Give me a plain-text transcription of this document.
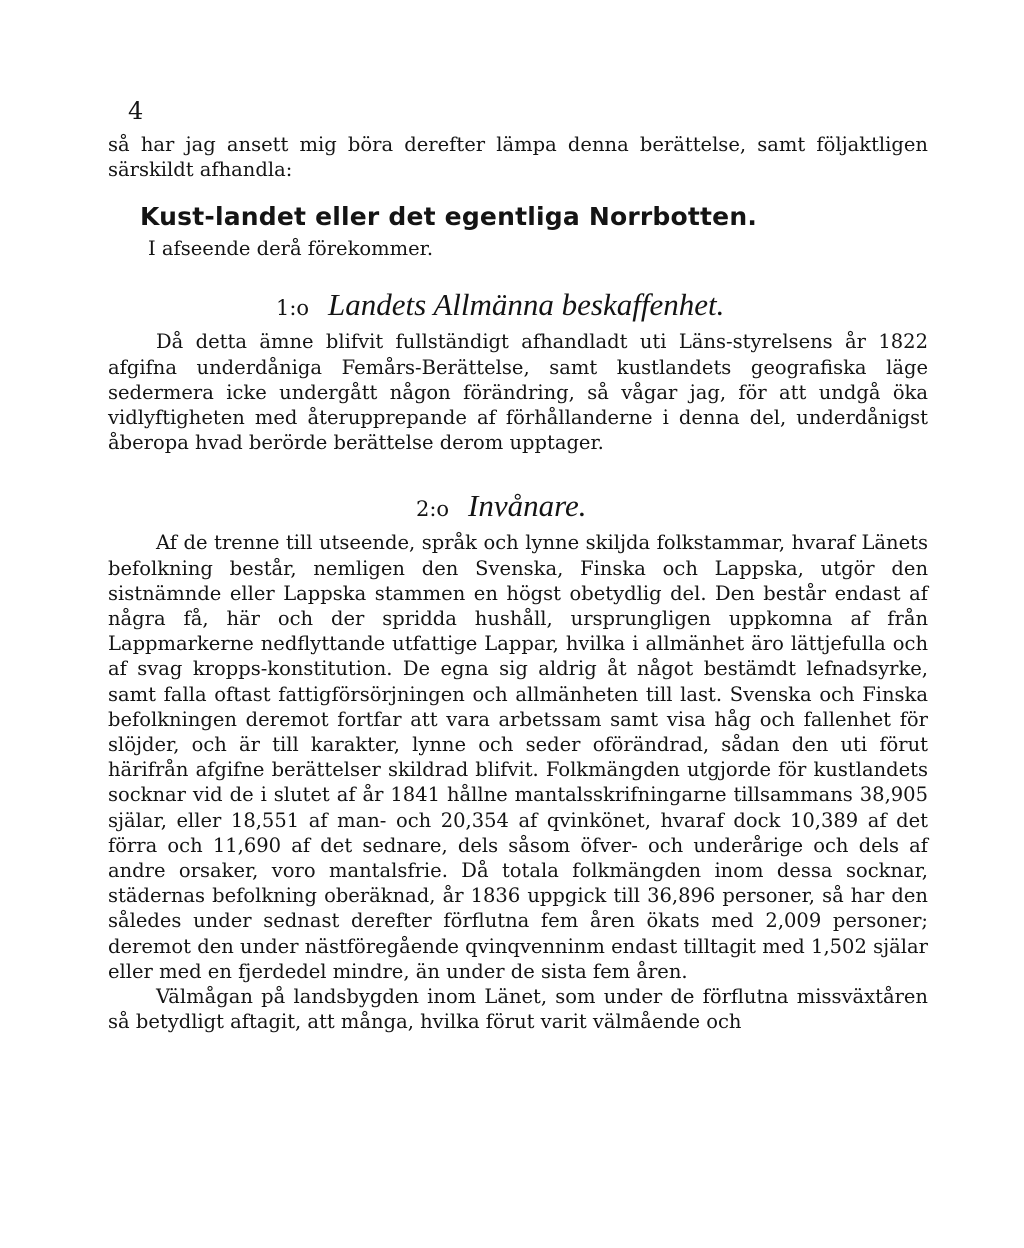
4

så har jag ansett mig böra derefter lämpa denna berättelse, samt följaktligen särskildt afhandla:

Kust-landet eller det egentliga Norrbotten.
I afseende derå förekommer.
1:o Landets Allmänna beskaffenhet.

Då detta ämne blifvit fullständigt afhandladt uti Läns-styrelsens år 1822 afgifna underdåniga Femårs-Berättelse, samt kustlandets geografiska läge sedermera icke undergått någon förändring, så vågar jag, för att undgå öka vidlyftigheten med återupprepande af förhållanderne i denna del, underdånigst åberopa hvad berörde berättelse derom upptager.

2:o Invånare.

Af de trenne till utseende, språk och lynne skiljda folkstammar, hvaraf Länets befolkning består, nemligen den Svenska, Finska och Lappska, utgör den sistnämnde eller Lappska stammen en högst obetydlig del. Den består endast af några få, här och der spridda hushåll, ursprungligen uppkomna af från Lappmarkerne nedflyttande utfattige Lappar, hvilka i allmänhet äro lättjefulla och af svag kropps-konstitution. De egna sig aldrig åt något bestämdt lefnadsyrke, samt falla oftast fattigförsörjningen och allmänheten till last. Svenska och Finska befolkningen deremot fortfar att vara arbetssam samt visa håg och fallenhet för slöjder, och är till karakter, lynne och seder oförändrad, sådan den uti förut härifrån afgifne berättelser skildrad blifvit. Folkmängden utgjorde för kustlandets socknar vid de i slutet af år 1841 hållne mantalsskrifningarne tillsammans 38,905 själar, eller 18,551 af man- och 20,354 af qvinkönet, hvaraf dock 10,389 af det förra och 11,690 af det sednare, dels såsom öfver- och underårige och dels af andre orsaker, voro mantalsfrie. Då totala folkmängden inom dessa socknar, städernas befolkning oberäknad, år 1836 uppgick till 36,896 personer, så har den således under sednast derefter förflutna fem åren ökats med 2,009 personer; deremot den under nästföregående qvinqvenninm endast tilltagit med 1,502 själar eller med en fjerdedel mindre, än under de sista fem åren.

Välmågan på landsbygden inom Länet, som under de förflutna missväxtåren så betydligt aftagit, att många, hvilka förut varit välmående och
